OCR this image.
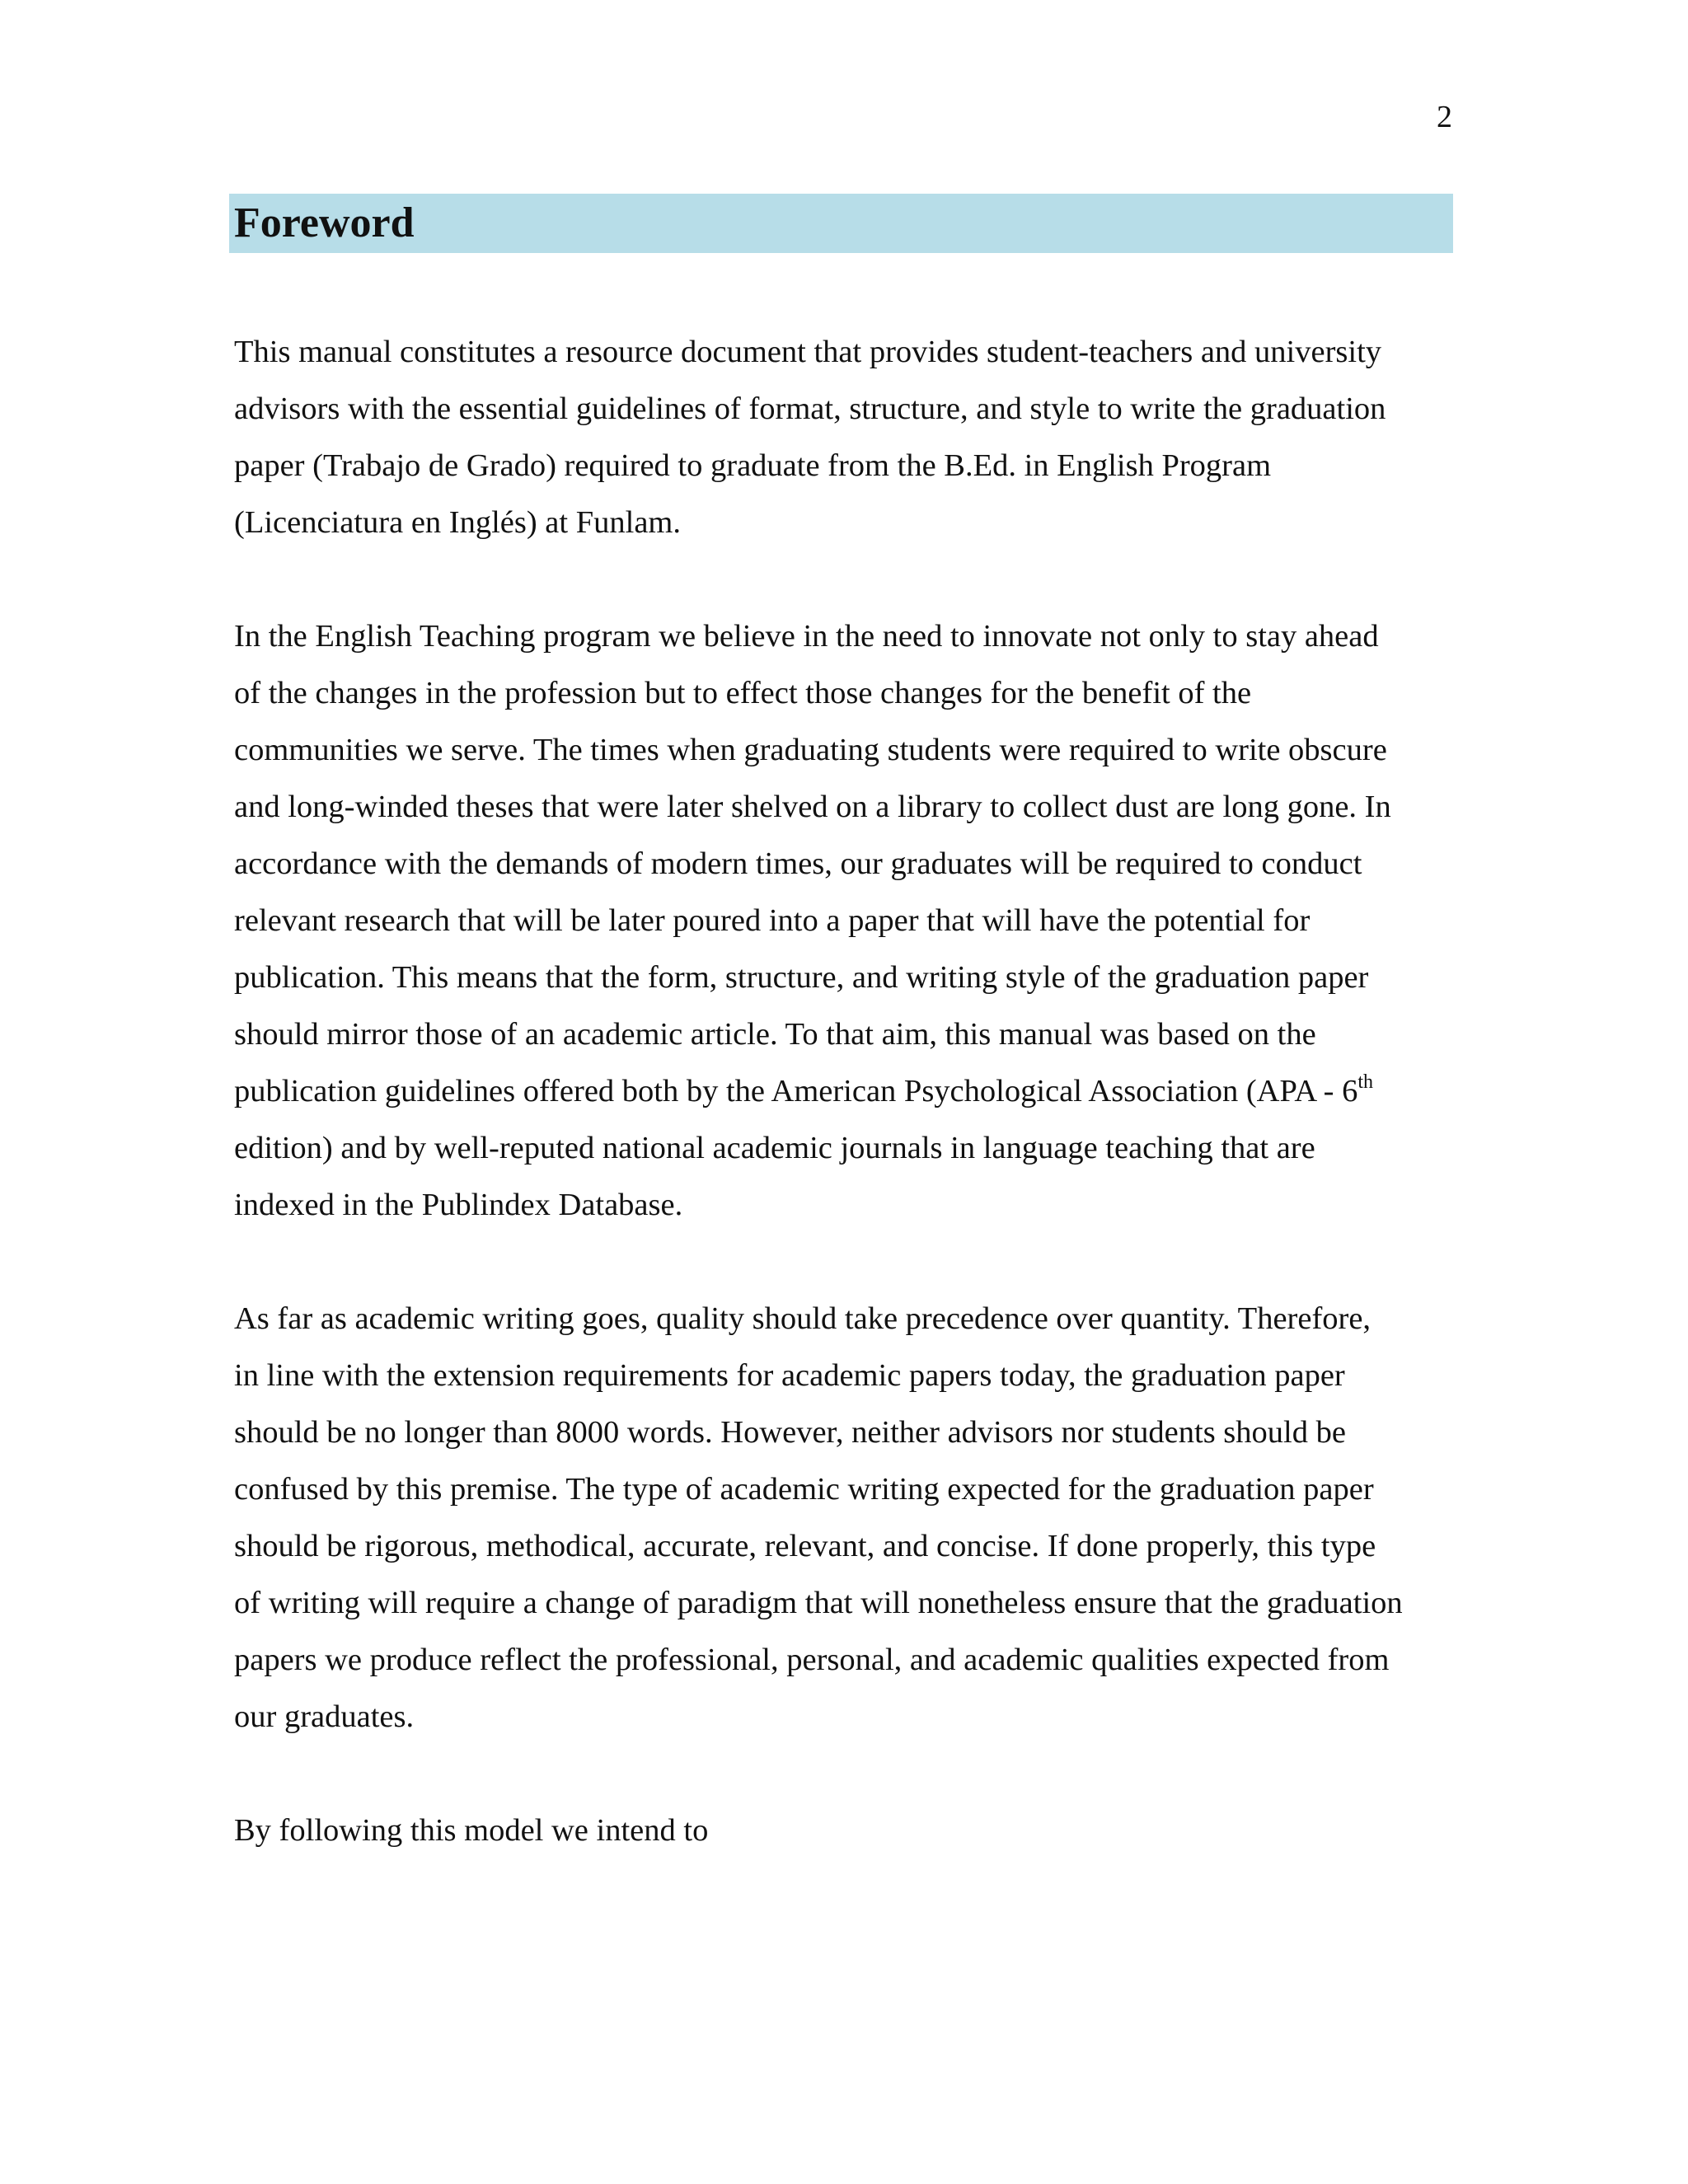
2
Foreword

This manual constitutes a resource document that provides student-teachers and university
advisors with the essential guidelines of format, structure, and style to write the graduation
paper (Trabajo de Grado) required to graduate from the B.Ed. in English Program
(Licenciatura en Inglés) at Funlam.

In the English Teaching program we believe in the need to innovate not only to stay ahead
of the changes in the profession but to effect those changes for the benefit of the
communities we serve. The times when graduating students were required to write obscure
and long-winded theses that were later shelved on a library to collect dust are long gone. In
accordance with the demands of modern times, our graduates will be required to conduct
relevant research that will be later poured into a paper that will have the potential for
publication. This means that the form, structure, and writing style of the graduation paper
should mirror those of an academic article. To that aim, this manual was based on the
publication guidelines offered both by the American Psychological Association (APA - 6th
edition) and by well-reputed national academic journals in language teaching that are
indexed in the Publindex Database.

As far as academic writing goes, quality should take precedence over quantity. Therefore,
in line with the extension requirements for academic papers today, the graduation paper
should be no longer than 8000 words. However, neither advisors nor students should be
confused by this premise. The type of academic writing expected for the graduation paper
should be rigorous, methodical, accurate, relevant, and concise. If done properly, this type
of writing will require a change of paradigm that will nonetheless ensure that the graduation
papers we produce reflect the professional, personal, and academic qualities expected from
our graduates.

By following this model we intend to
